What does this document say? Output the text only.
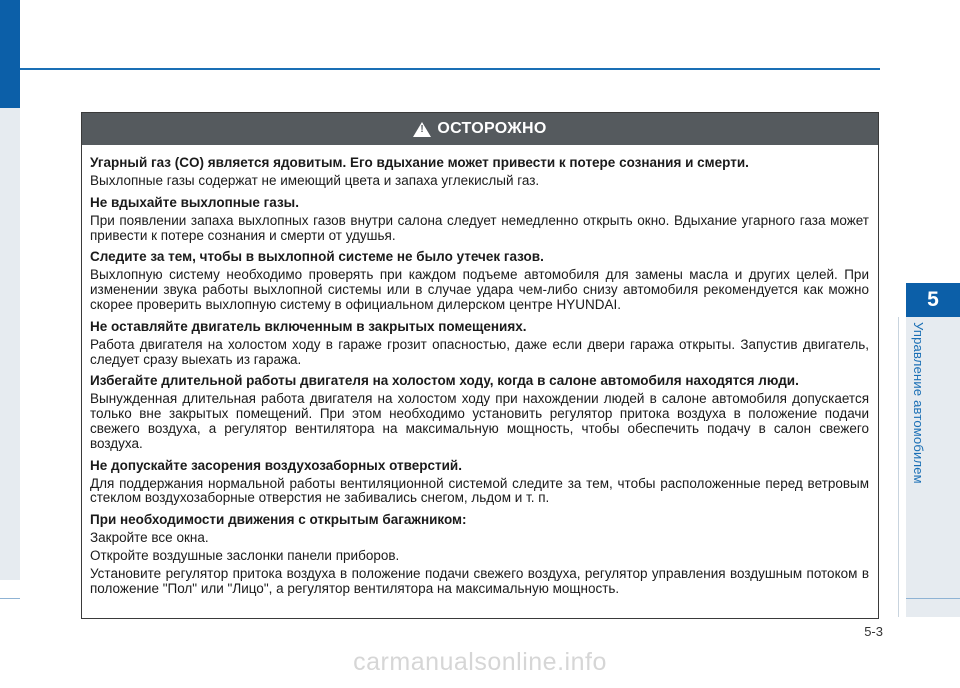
5
Управление автомобилем
!
ОСТОРОЖНО
Угарный газ (CO) является ядовитым. Его вдыхание может привести к потере сознания и смерти.

Выхлопные газы содержат не имеющий цвета и запаха углекислый газ.

Не вдыхайте выхлопные газы.

При появлении запаха выхлопных газов внутри салона следует немедленно открыть окно. Вдыхание угарного газа может привести к потере сознания и смерти от удушья.

Следите за тем, чтобы в выхлопной системе не было утечек газов.

Выхлопную систему необходимо проверять при каждом подъеме автомобиля для замены масла и других целей. При изменении звука работы выхлопной системы или в случае удара чем-либо снизу автомобиля рекомендуется как можно скорее проверить выхлопную систему в официальном дилерском центре HYUNDAI.

Не оставляйте двигатель включенным в закрытых помещениях.

Работа двигателя на холостом ходу в гараже грозит опасностью, даже если двери гаража открыты. Запустив двигатель, следует сразу выехать из гаража.

Избегайте длительной работы двигателя на холостом ходу, когда в салоне автомобиля находятся люди.

Вынужденная длительная работа двигателя на холостом ходу при нахождении людей в салоне автомобиля допускается только вне закрытых помещений. При этом необходимо установить регулятор притока воздуха в положение подачи свежего воздуха, а регулятор вентилятора на максимальную мощность, чтобы обеспечить подачу в салон свежего воздуха.

Не допускайте засорения воздухозаборных отверстий.

Для поддержания нормальной работы вентиляционной системой следите за тем, чтобы расположенные перед ветровым стеклом воздухозаборные отверстия не забивались снегом, льдом и т. п.

При необходимости движения с открытым багажником:

Закройте все окна.

Откройте воздушные заслонки панели приборов.

Установите регулятор притока воздуха в положение подачи свежего воздуха, регулятор управления воздушным потоком в положение "Пол" или "Лицо", а регулятор вентилятора на максимальную мощность.

5-3
carmanualsonline.info
